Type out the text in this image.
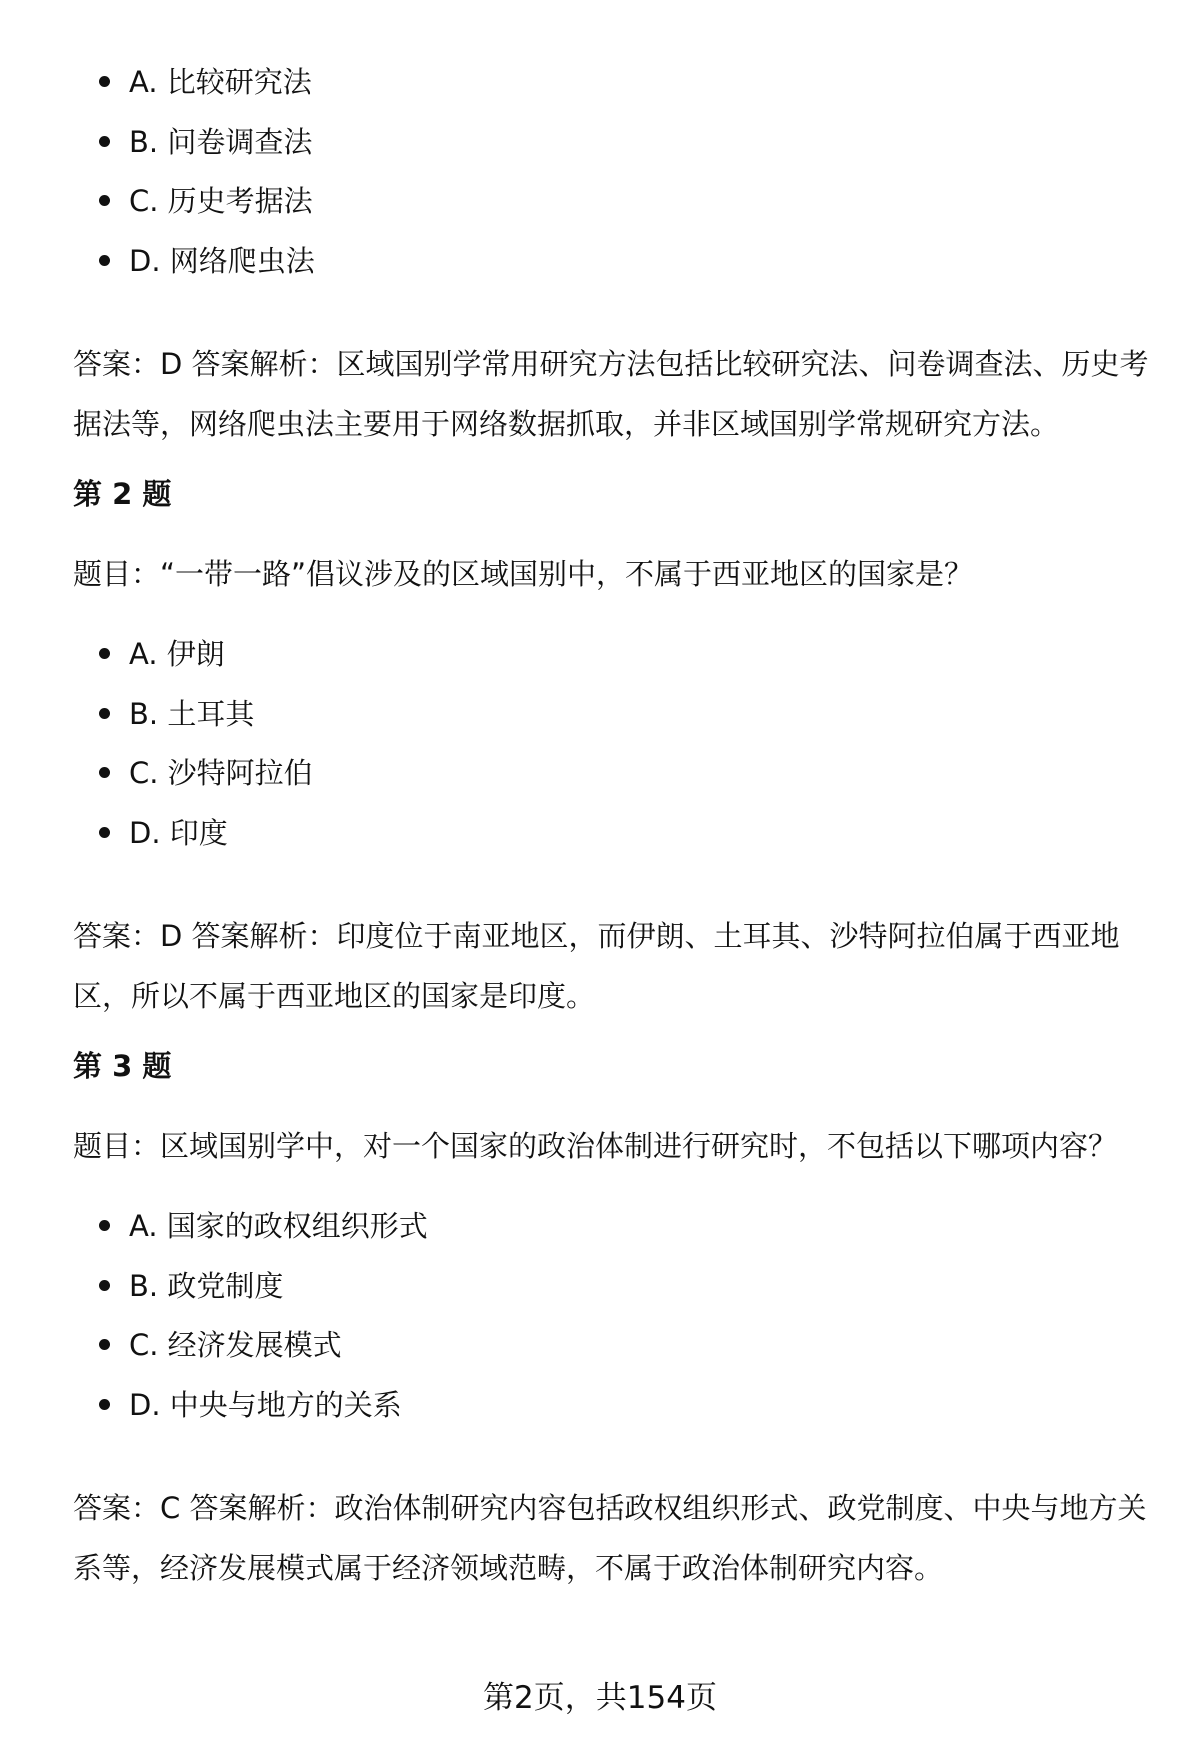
A. 比较研究法
B. 问卷调查法
C. 历史考据法
D. 网络爬虫法

答案：D 答案解析：区域国别学常用研究方法包括比较研究法、问卷调查法、历史考据法等，网络爬虫法主要用于网络数据抓取，并非区域国别学常规研究方法。

第 2 题

题目：“一带一路”倡议涉及的区域国别中，不属于西亚地区的国家是？

A. 伊朗
B. 土耳其
C. 沙特阿拉伯
D. 印度

答案：D 答案解析：印度位于南亚地区，而伊朗、土耳其、沙特阿拉伯属于西亚地区，所以不属于西亚地区的国家是印度。

第 3 题

题目：区域国别学中，对一个国家的政治体制进行研究时，不包括以下哪项内容？

A. 国家的政权组织形式
B. 政党制度
C. 经济发展模式
D. 中央与地方的关系

答案：C 答案解析：政治体制研究内容包括政权组织形式、政党制度、中央与地方关系等，经济发展模式属于经济领域范畴，不属于政治体制研究内容。

第2页，共154页
